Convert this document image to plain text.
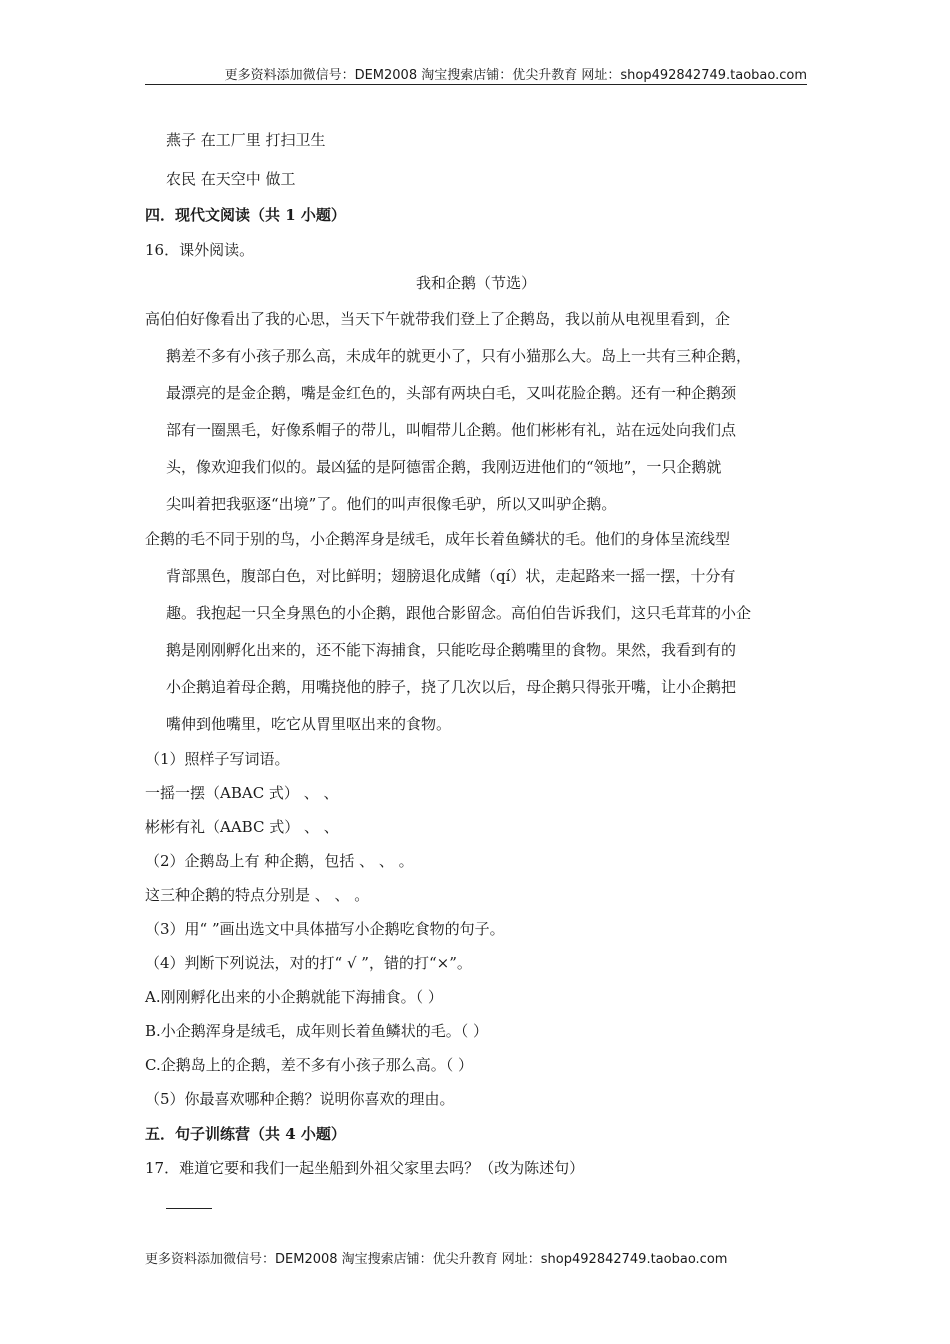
更多资料添加微信号：DEM2008 淘宝搜索店铺：优尖升教育 网址：shop492842749.taobao.com
燕子 在工厂里 打扫卫生
农民 在天空中 做工
四．现代文阅读（共 1 小题）
16．课外阅读。
我和企鹅（节选）
高伯伯好像看出了我的心思，当天下午就带我们登上了企鹅岛，我以前从电视里看到，企
鹅差不多有小孩子那么高，未成年的就更小了，只有小猫那么大。岛上一共有三种企鹅，
最漂亮的是金企鹅，嘴是金红色的，头部有两块白毛，又叫花脸企鹅。还有一种企鹅颈
部有一圈黑毛，好像系帽子的带儿，叫帽带儿企鹅。他们彬彬有礼，站在远处向我们点
头，像欢迎我们似的。最凶猛的是阿德雷企鹅，我刚迈进他们的“领地”，一只企鹅就
尖叫着把我驱逐“出境”了。他们的叫声很像毛驴，所以又叫驴企鹅。
企鹅的毛不同于别的鸟，小企鹅浑身是绒毛，成年长着鱼鳞状的毛。他们的身体呈流线型
背部黑色，腹部白色，对比鲜明；翅膀退化成鳍（qí）状，走起路来一摇一摆，十分有
趣。我抱起一只全身黑色的小企鹅，跟他合影留念。高伯伯告诉我们，这只毛茸茸的小企
鹅是刚刚孵化出来的，还不能下海捕食，只能吃母企鹅嘴里的食物。果然，我看到有的
小企鹅追着母企鹅，用嘴挠他的脖子，挠了几次以后，母企鹅只得张开嘴，让小企鹅把
嘴伸到他嘴里，吃它从胃里呕出来的食物。
（1）照样子写词语。
一摇一摆（ABAC 式） 、 、
彬彬有礼（AABC 式） 、 、
（2）企鹅岛上有 种企鹅，包括 、 、 。
这三种企鹅的特点分别是 、 、 。
（3）用“ ”画出选文中具体描写小企鹅吃食物的句子。
（4）判断下列说法，对的打“ √ ”，错的打“×”。
A.刚刚孵化出来的小企鹅就能下海捕食。（ ）
B.小企鹅浑身是绒毛，成年则长着鱼鳞状的毛。（ ）
C.企鹅岛上的企鹅，差不多有小孩子那么高。（ ）
（5）你最喜欢哪种企鹅？说明你喜欢的理由。
五．句子训练营（共 4 小题）
17．难道它要和我们一起坐船到外祖父家里去吗？（改为陈述句）
更多资料添加微信号：DEM2008 淘宝搜索店铺：优尖升教育 网址：shop492842749.taobao.com
